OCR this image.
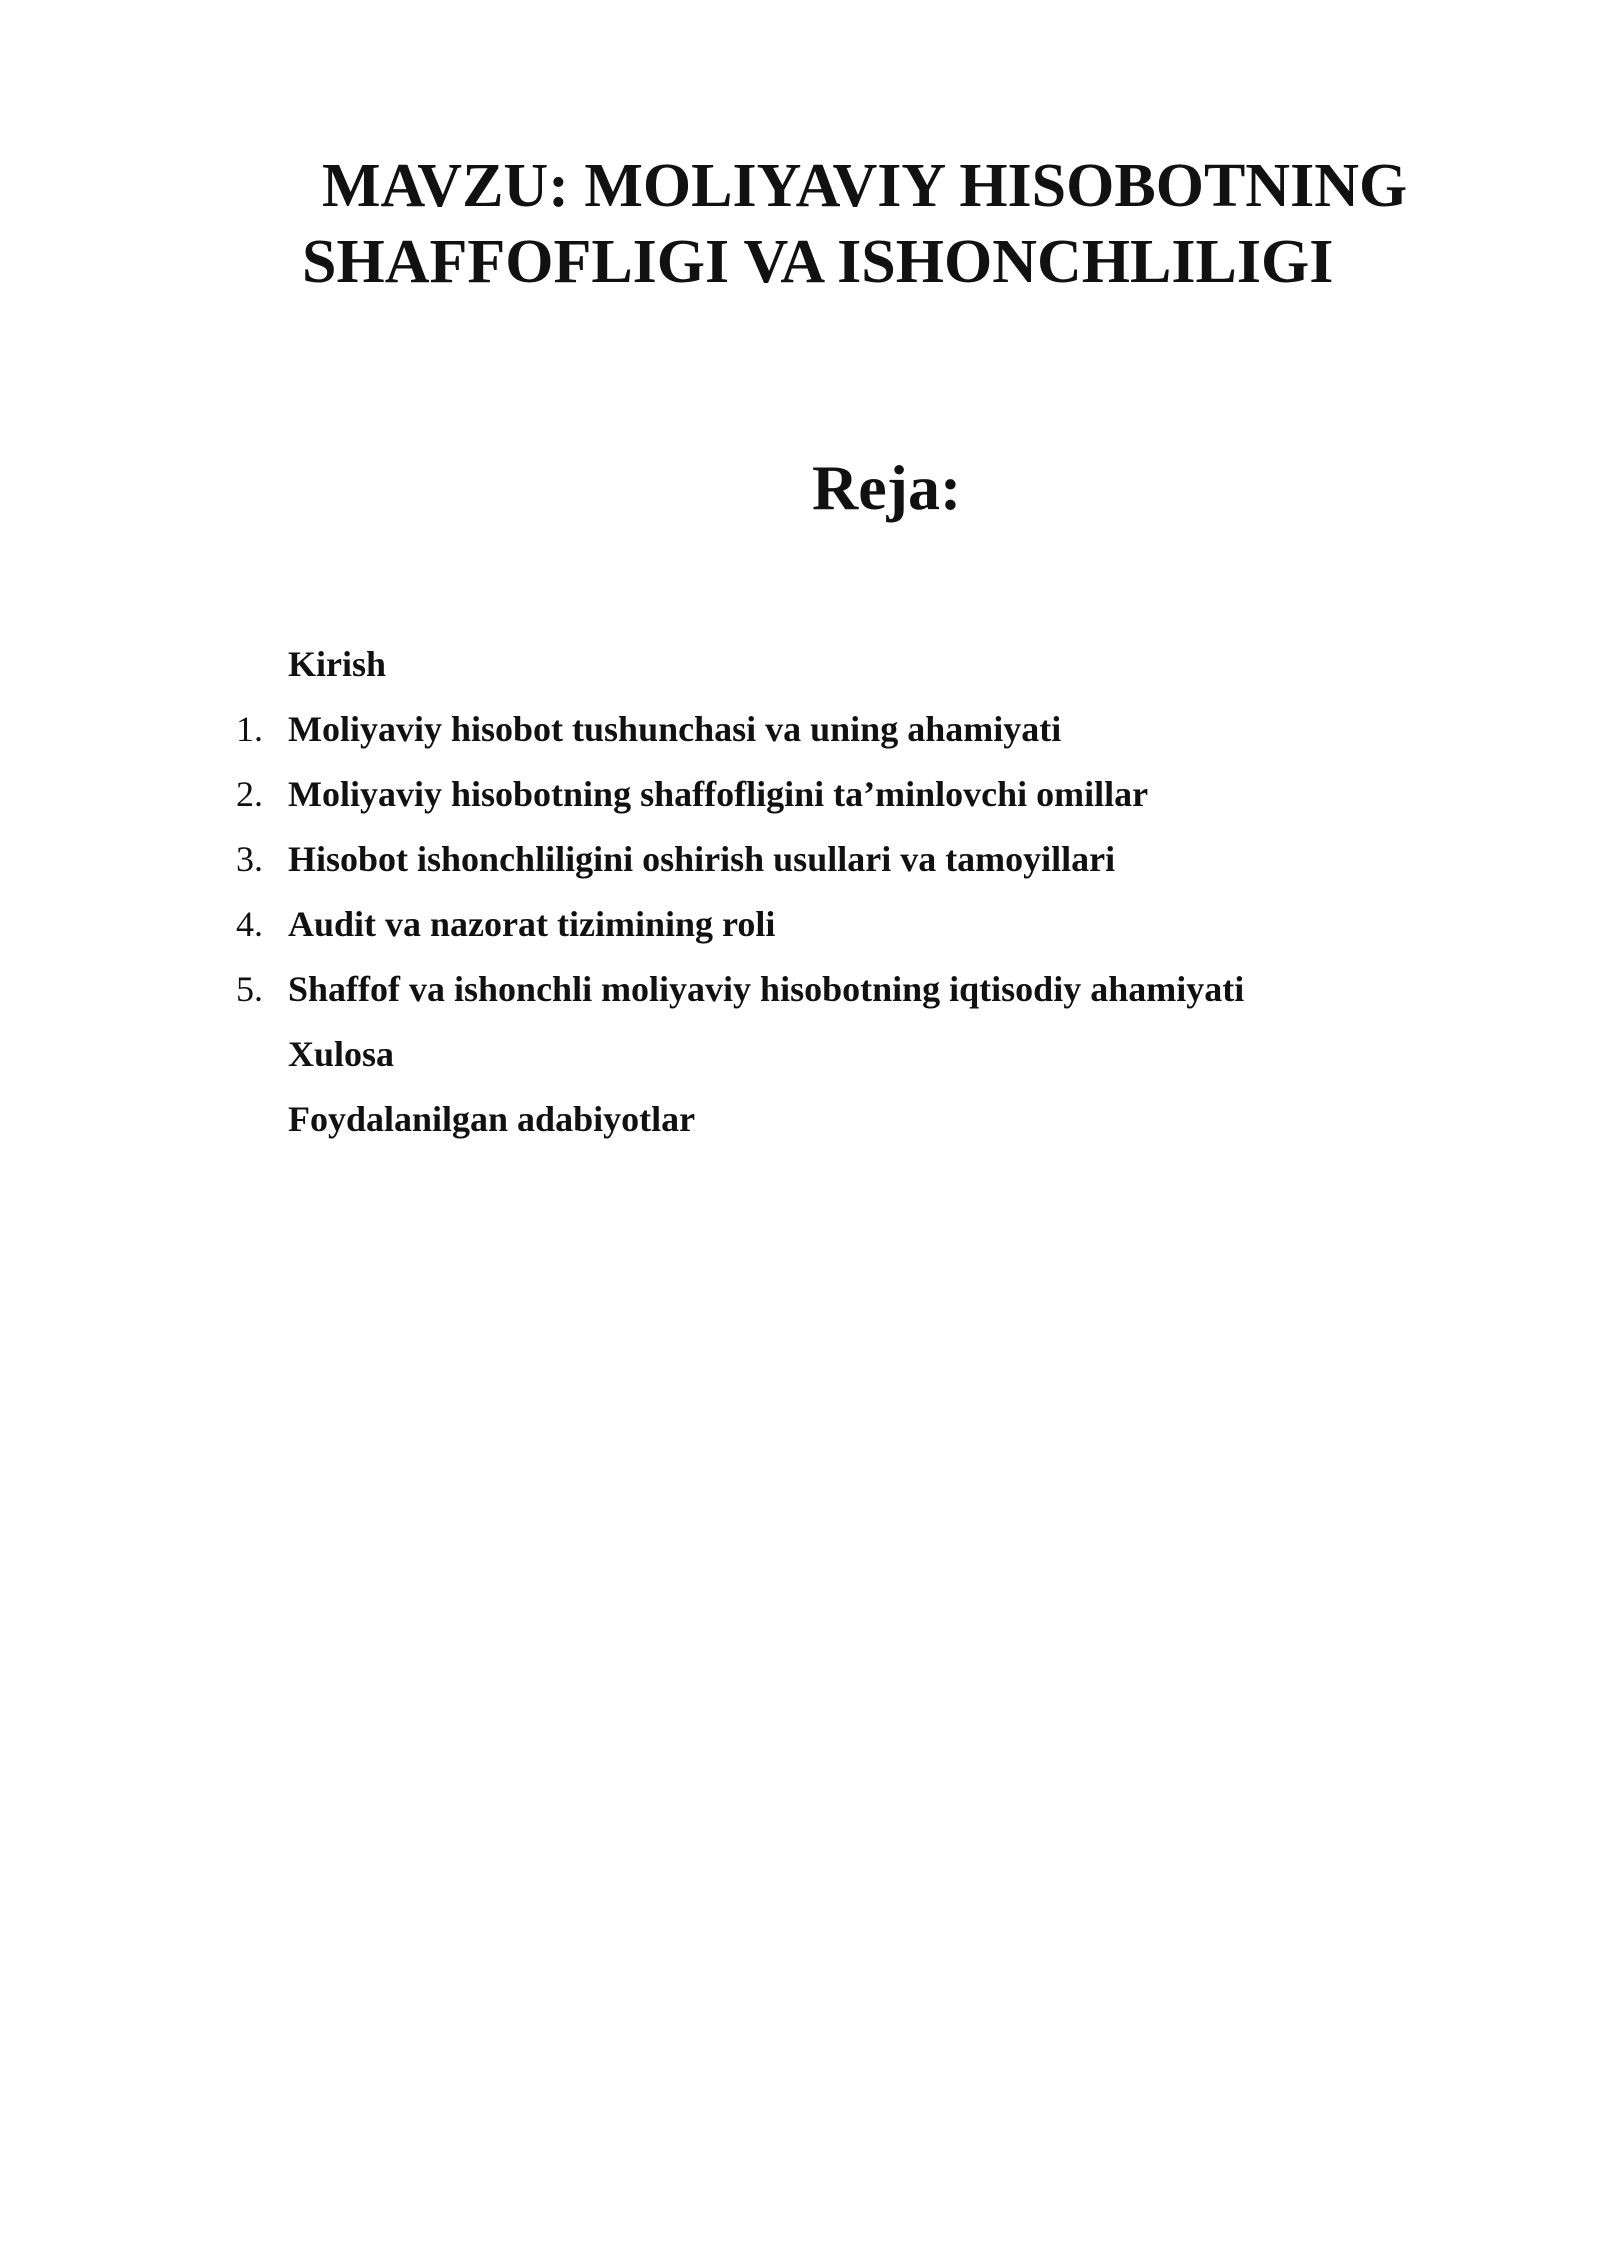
MAVZU: MOLIYAVIY HISOBOTNING
SHAFFOFLIGI VA ISHONCHLILIGI
Reja:
Kirish
1. Moliyaviy hisobot tushunchasi va uning ahamiyati
2. Moliyaviy hisobotning shaffofligini ta’minlovchi omillar
3. Hisobot ishonchliligini oshirish usullari va tamoyillari
4. Audit va nazorat tizimining roli
5. Shaffof va ishonchli moliyaviy hisobotning iqtisodiy ahamiyati
Xulosa
Foydalanilgan adabiyotlar
